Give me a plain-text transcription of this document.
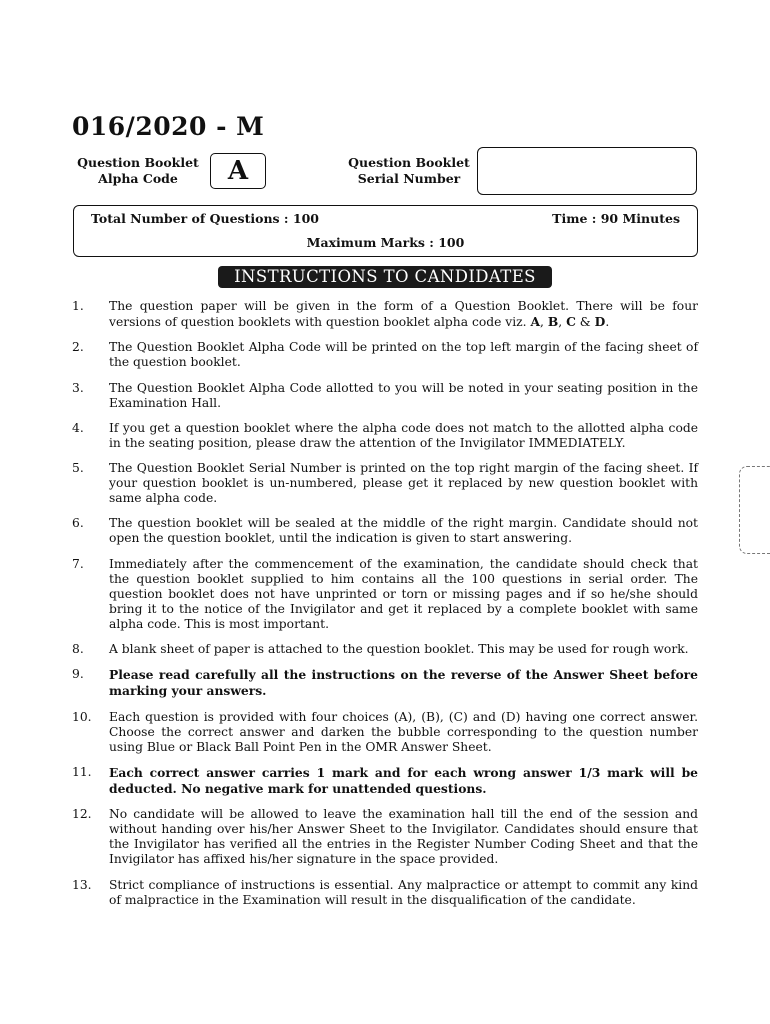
016/2020 - M
Question Booklet
Alpha Code	A	Question Booklet
Serial Number
Total Number of Questions : 100	Time : 90 Minutes
Maximum Marks : 100
INSTRUCTIONS TO CANDIDATES
1. The question paper will be given in the form of a Question Booklet. There will be four versions of question booklets with question booklet alpha code viz. A, B, C & D.
2. The Question Booklet Alpha Code will be printed on the top left margin of the facing sheet of the question booklet.
3. The Question Booklet Alpha Code allotted to you will be noted in your seating position in the Examination Hall.
4. If you get a question booklet where the alpha code does not match to the allotted alpha code in the seating position, please draw the attention of the Invigilator IMMEDIATELY.
5. The Question Booklet Serial Number is printed on the top right margin of the facing sheet. If your question booklet is un-numbered, please get it replaced by new question booklet with same alpha code.
6. The question booklet will be sealed at the middle of the right margin. Candidate should not open the question booklet, until the indication is given to start answering.
7. Immediately after the commencement of the examination, the candidate should check that the question booklet supplied to him contains all the 100 questions in serial order. The question booklet does not have unprinted or torn or missing pages and if so he/she should bring it to the notice of the Invigilator and get it replaced by a complete booklet with same alpha code. This is most important.
8. A blank sheet of paper is attached to the question booklet. This may be used for rough work.
9. Please read carefully all the instructions on the reverse of the Answer Sheet before marking your answers.
10. Each question is provided with four choices (A), (B), (C) and (D) having one correct answer. Choose the correct answer and darken the bubble corresponding to the question number using Blue or Black Ball Point Pen in the OMR Answer Sheet.
11. Each correct answer carries 1 mark and for each wrong answer 1/3 mark will be deducted. No negative mark for unattended questions.
12. No candidate will be allowed to leave the examination hall till the end of the session and without handing over his/her Answer Sheet to the Invigilator. Candidates should ensure that the Invigilator has verified all the entries in the Register Number Coding Sheet and that the Invigilator has affixed his/her signature in the space provided.
13. Strict compliance of instructions is essential. Any malpractice or attempt to commit any kind of malpractice in the Examination will result in the disqualification of the candidate.
